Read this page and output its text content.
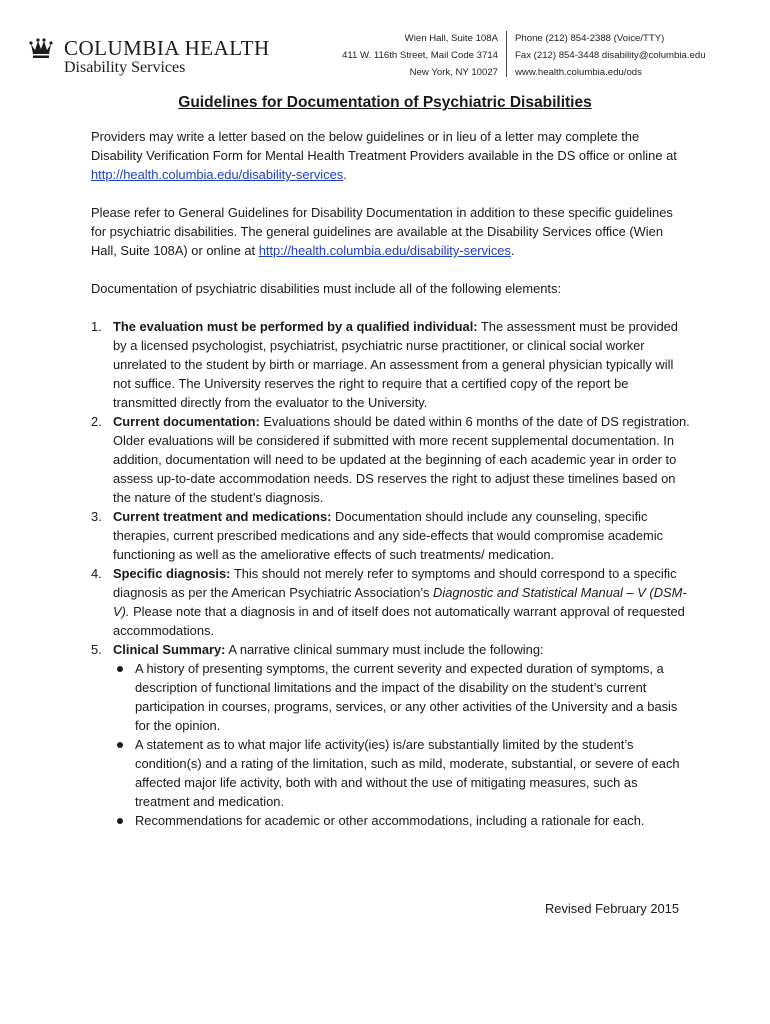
COLUMBIA HEALTH
Disability Services
Wien Hall, Suite 108A
411 W. 116th Street, Mail Code 3714
New York, NY 10027
Phone (212) 854-2388 (Voice/TTY)
Fax (212) 854-3448 disability@columbia.edu
www.health.columbia.edu/ods
Guidelines for Documentation of Psychiatric Disabilities

Providers may write a letter based on the below guidelines or in lieu of a letter may complete the Disability Verification Form for Mental Health Treatment Providers available in the DS office or online at http://health.columbia.edu/disability-services.

Please refer to General Guidelines for Disability Documentation in addition to these specific guidelines for psychiatric disabilities. The general guidelines are available at the Disability Services office (Wien Hall, Suite 108A) or online at http://health.columbia.edu/disability-services.

Documentation of psychiatric disabilities must include all of the following elements:

1. The evaluation must be performed by a qualified individual: The assessment must be provided by a licensed psychologist, psychiatrist, psychiatric nurse practitioner, or clinical social worker unrelated to the student by birth or marriage. An assessment from a general physician typically will not suffice. The University reserves the right to require that a certified copy of the report be transmitted directly from the evaluator to the University.
2. Current documentation: Evaluations should be dated within 6 months of the date of DS registration. Older evaluations will be considered if submitted with more recent supplemental documentation. In addition, documentation will need to be updated at the beginning of each academic year in order to assess up-to-date accommodation needs. DS reserves the right to adjust these timelines based on the nature of the student’s diagnosis.
3. Current treatment and medications: Documentation should include any counseling, specific therapies, current prescribed medications and any side-effects that would compromise academic functioning as well as the ameliorative effects of such treatments/ medication.
4. Specific diagnosis: This should not merely refer to symptoms and should correspond to a specific diagnosis as per the American Psychiatric Association’s Diagnostic and Statistical Manual – V (DSM-V). Please note that a diagnosis in and of itself does not automatically warrant approval of requested accommodations.
5. Clinical Summary: A narrative clinical summary must include the following:
A history of presenting symptoms, the current severity and expected duration of symptoms, a description of functional limitations and the impact of the disability on the student’s current participation in courses, programs, services, or any other activities of the University and a basis for the opinion.
A statement as to what major life activity(ies) is/are substantially limited by the student’s condition(s) and a rating of the limitation, such as mild, moderate, substantial, or severe of each affected major life activity, both with and without the use of mitigating measures, such as treatment and medication.
Recommendations for academic or other accommodations, including a rationale for each.
Revised February 2015
